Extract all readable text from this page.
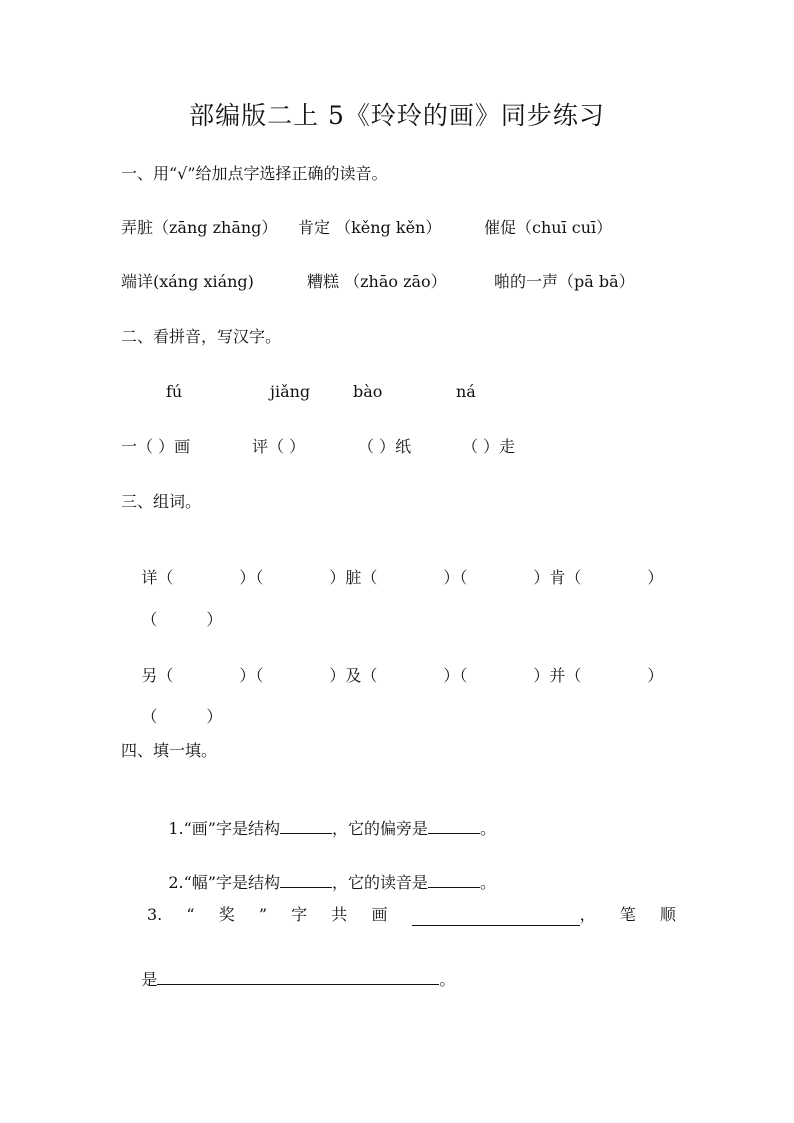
部编版二上 5《玲玲的画》同步练习
一、用“√”给加点字选择正确的读音。
弄脏（zāng zhāng） 肯定 （kěng kěn）	催促（chuī cuī）
端详(xáng xiáng)	糟糕 （zhāo zāo）	啪的一声（pā bā）
二、看拼音，写汉字。
fú	jiǎng	bào	ná
一（ ）画	评（ ）	（ ）纸	（ ）走
三、组词。

详（	）（	）脏（	）（	）肯（	）

（ ）

另（	）（	）及（	）（	）并（	）

（ ）

四、填一填。

1.“画”字是结构	，它的偏旁是	。

2.“幅”字是结构	，它的读音是	。

3. “ 奖 ” 字 共 画	， 笔 顺

是	。
